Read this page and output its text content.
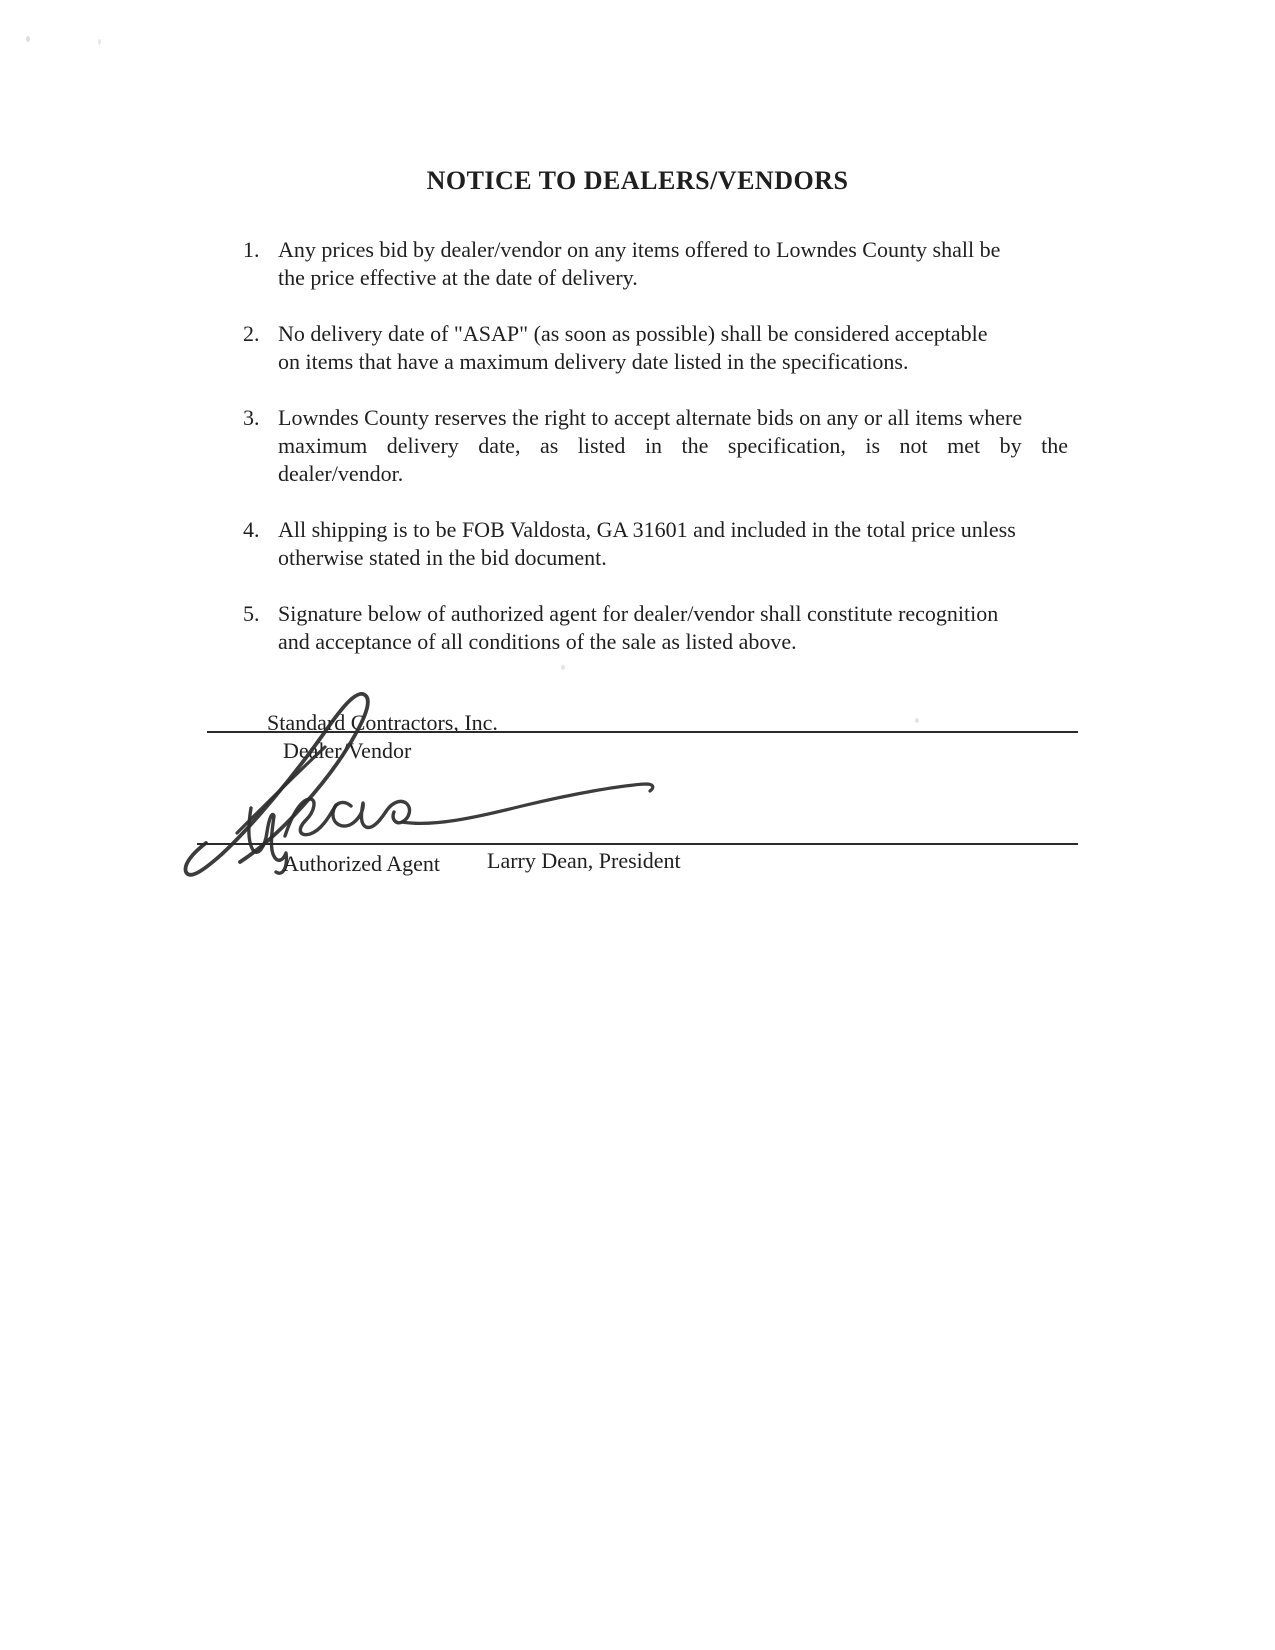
NOTICE TO DEALERS/VENDORS
1. Any prices bid by dealer/vendor on any items offered to Lowndes County shall be
the price effective at the date of delivery.
2. No delivery date of "ASAP" (as soon as possible) shall be considered acceptable
on items that have a maximum delivery date listed in the specifications.
3. Lowndes County reserves the right to accept alternate bids on any or all items where
maximum delivery date, as listed in the specification, is not met by the
dealer/vendor.
4. All shipping is to be FOB Valdosta, GA 31601 and included in the total price unless
otherwise stated in the bid document.
5. Signature below of authorized agent for dealer/vendor shall constitute recognition
and acceptance of all conditions of the sale as listed above.
Standard Contractors, Inc.
Dealer/Vendor
Authorized Agent Larry Dean, President
